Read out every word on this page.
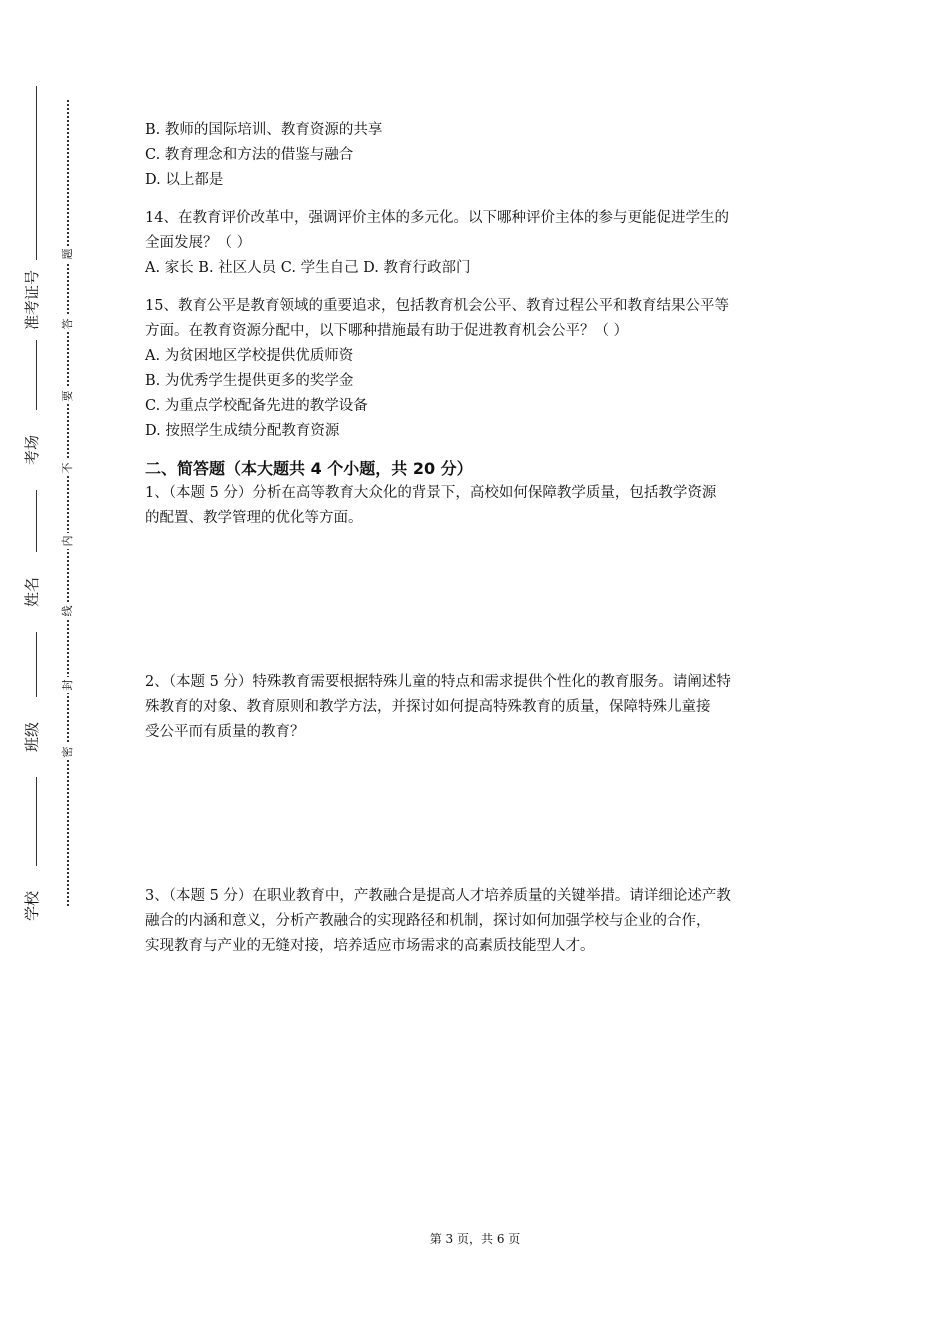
准考证号
考场
姓名
班级
学校
题
答
要
不
内
线
封
密
B. 教师的国际培训、教育资源的共享
C. 教育理念和方法的借鉴与融合
D. 以上都是
14、在教育评价改革中，强调评价主体的多元化。以下哪种评价主体的参与更能促进学生的
全面发展？（ ）
A. 家长 B. 社区人员 C. 学生自己 D. 教育行政部门
15、教育公平是教育领域的重要追求，包括教育机会公平、教育过程公平和教育结果公平等
方面。在教育资源分配中，以下哪种措施最有助于促进教育机会公平？（ ）
A. 为贫困地区学校提供优质师资
B. 为优秀学生提供更多的奖学金
C. 为重点学校配备先进的教学设备
D. 按照学生成绩分配教育资源
二、简答题（本大题共 4 个小题，共 20 分）
1、（本题 5 分）分析在高等教育大众化的背景下，高校如何保障教学质量，包括教学资源
的配置、教学管理的优化等方面。
2、（本题 5 分）特殊教育需要根据特殊儿童的特点和需求提供个性化的教育服务。请阐述特
殊教育的对象、教育原则和教学方法，并探讨如何提高特殊教育的质量，保障特殊儿童接
受公平而有质量的教育？
3、（本题 5 分）在职业教育中，产教融合是提高人才培养质量的关键举措。请详细论述产教
融合的内涵和意义，分析产教融合的实现路径和机制，探讨如何加强学校与企业的合作，
实现教育与产业的无缝对接，培养适应市场需求的高素质技能型人才。
第 3 页，共 6 页
